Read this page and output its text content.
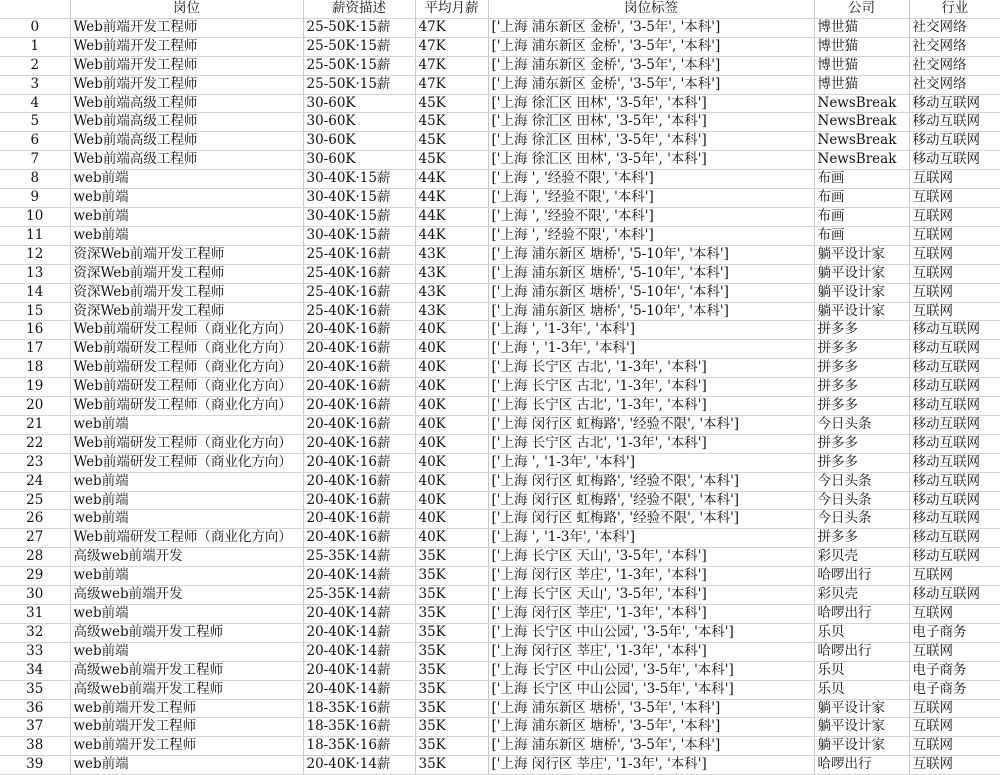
	岗位	薪资描述	平均月薪	岗位标签	公司	行业
0	Web前端开发工程师	25-50K·15薪	47K	['上海 浦东新区 金桥', '3-5年', '本科']	博世猫	社交网络
1	Web前端开发工程师	25-50K·15薪	47K	['上海 浦东新区 金桥', '3-5年', '本科']	博世猫	社交网络
2	Web前端开发工程师	25-50K·15薪	47K	['上海 浦东新区 金桥', '3-5年', '本科']	博世猫	社交网络
3	Web前端开发工程师	25-50K·15薪	47K	['上海 浦东新区 金桥', '3-5年', '本科']	博世猫	社交网络
4	Web前端高级工程师	30-60K	45K	['上海 徐汇区 田林', '3-5年', '本科']	NewsBreak	移动互联网
5	Web前端高级工程师	30-60K	45K	['上海 徐汇区 田林', '3-5年', '本科']	NewsBreak	移动互联网
6	Web前端高级工程师	30-60K	45K	['上海 徐汇区 田林', '3-5年', '本科']	NewsBreak	移动互联网
7	Web前端高级工程师	30-60K	45K	['上海 徐汇区 田林', '3-5年', '本科']	NewsBreak	移动互联网
8	web前端	30-40K·15薪	44K	['上海 ', '经验不限', '本科']	布画	互联网
9	web前端	30-40K·15薪	44K	['上海 ', '经验不限', '本科']	布画	互联网
10	web前端	30-40K·15薪	44K	['上海 ', '经验不限', '本科']	布画	互联网
11	web前端	30-40K·15薪	44K	['上海 ', '经验不限', '本科']	布画	互联网
12	资深Web前端开发工程师	25-40K·16薪	43K	['上海 浦东新区 塘桥', '5-10年', '本科']	躺平设计家	互联网
13	资深Web前端开发工程师	25-40K·16薪	43K	['上海 浦东新区 塘桥', '5-10年', '本科']	躺平设计家	互联网
14	资深Web前端开发工程师	25-40K·16薪	43K	['上海 浦东新区 塘桥', '5-10年', '本科']	躺平设计家	互联网
15	资深Web前端开发工程师	25-40K·16薪	43K	['上海 浦东新区 塘桥', '5-10年', '本科']	躺平设计家	互联网
16	Web前端研发工程师（商业化方向）	20-40K·16薪	40K	['上海 ', '1-3年', '本科']	拼多多	移动互联网
17	Web前端研发工程师（商业化方向）	20-40K·16薪	40K	['上海 ', '1-3年', '本科']	拼多多	移动互联网
18	Web前端研发工程师（商业化方向）	20-40K·16薪	40K	['上海 长宁区 古北', '1-3年', '本科']	拼多多	移动互联网
19	Web前端研发工程师（商业化方向）	20-40K·16薪	40K	['上海 长宁区 古北', '1-3年', '本科']	拼多多	移动互联网
20	Web前端研发工程师（商业化方向）	20-40K·16薪	40K	['上海 长宁区 古北', '1-3年', '本科']	拼多多	移动互联网
21	web前端	20-40K·16薪	40K	['上海 闵行区 虹梅路', '经验不限', '本科']	今日头条	移动互联网
22	Web前端研发工程师（商业化方向）	20-40K·16薪	40K	['上海 长宁区 古北', '1-3年', '本科']	拼多多	移动互联网
23	Web前端研发工程师（商业化方向）	20-40K·16薪	40K	['上海 ', '1-3年', '本科']	拼多多	移动互联网
24	web前端	20-40K·16薪	40K	['上海 闵行区 虹梅路', '经验不限', '本科']	今日头条	移动互联网
25	web前端	20-40K·16薪	40K	['上海 闵行区 虹梅路', '经验不限', '本科']	今日头条	移动互联网
26	web前端	20-40K·16薪	40K	['上海 闵行区 虹梅路', '经验不限', '本科']	今日头条	移动互联网
27	Web前端研发工程师（商业化方向）	20-40K·16薪	40K	['上海 ', '1-3年', '本科']	拼多多	移动互联网
28	高级web前端开发	25-35K·14薪	35K	['上海 长宁区 天山', '3-5年', '本科']	彩贝壳	移动互联网
29	web前端	20-40K·14薪	35K	['上海 闵行区 莘庄', '1-3年', '本科']	哈啰出行	互联网
30	高级web前端开发	25-35K·14薪	35K	['上海 长宁区 天山', '3-5年', '本科']	彩贝壳	移动互联网
31	web前端	20-40K·14薪	35K	['上海 闵行区 莘庄', '1-3年', '本科']	哈啰出行	互联网
32	高级web前端开发工程师	20-40K·14薪	35K	['上海 长宁区 中山公园', '3-5年', '本科']	乐贝	电子商务
33	web前端	20-40K·14薪	35K	['上海 闵行区 莘庄', '1-3年', '本科']	哈啰出行	互联网
34	高级web前端开发工程师	20-40K·14薪	35K	['上海 长宁区 中山公园', '3-5年', '本科']	乐贝	电子商务
35	高级web前端开发工程师	20-40K·14薪	35K	['上海 长宁区 中山公园', '3-5年', '本科']	乐贝	电子商务
36	web前端开发工程师	18-35K·16薪	35K	['上海 浦东新区 塘桥', '3-5年', '本科']	躺平设计家	互联网
37	web前端开发工程师	18-35K·16薪	35K	['上海 浦东新区 塘桥', '3-5年', '本科']	躺平设计家	互联网
38	web前端开发工程师	18-35K·16薪	35K	['上海 浦东新区 塘桥', '3-5年', '本科']	躺平设计家	互联网
39	web前端	20-40K·14薪	35K	['上海 闵行区 莘庄', '1-3年', '本科']	哈啰出行	互联网
